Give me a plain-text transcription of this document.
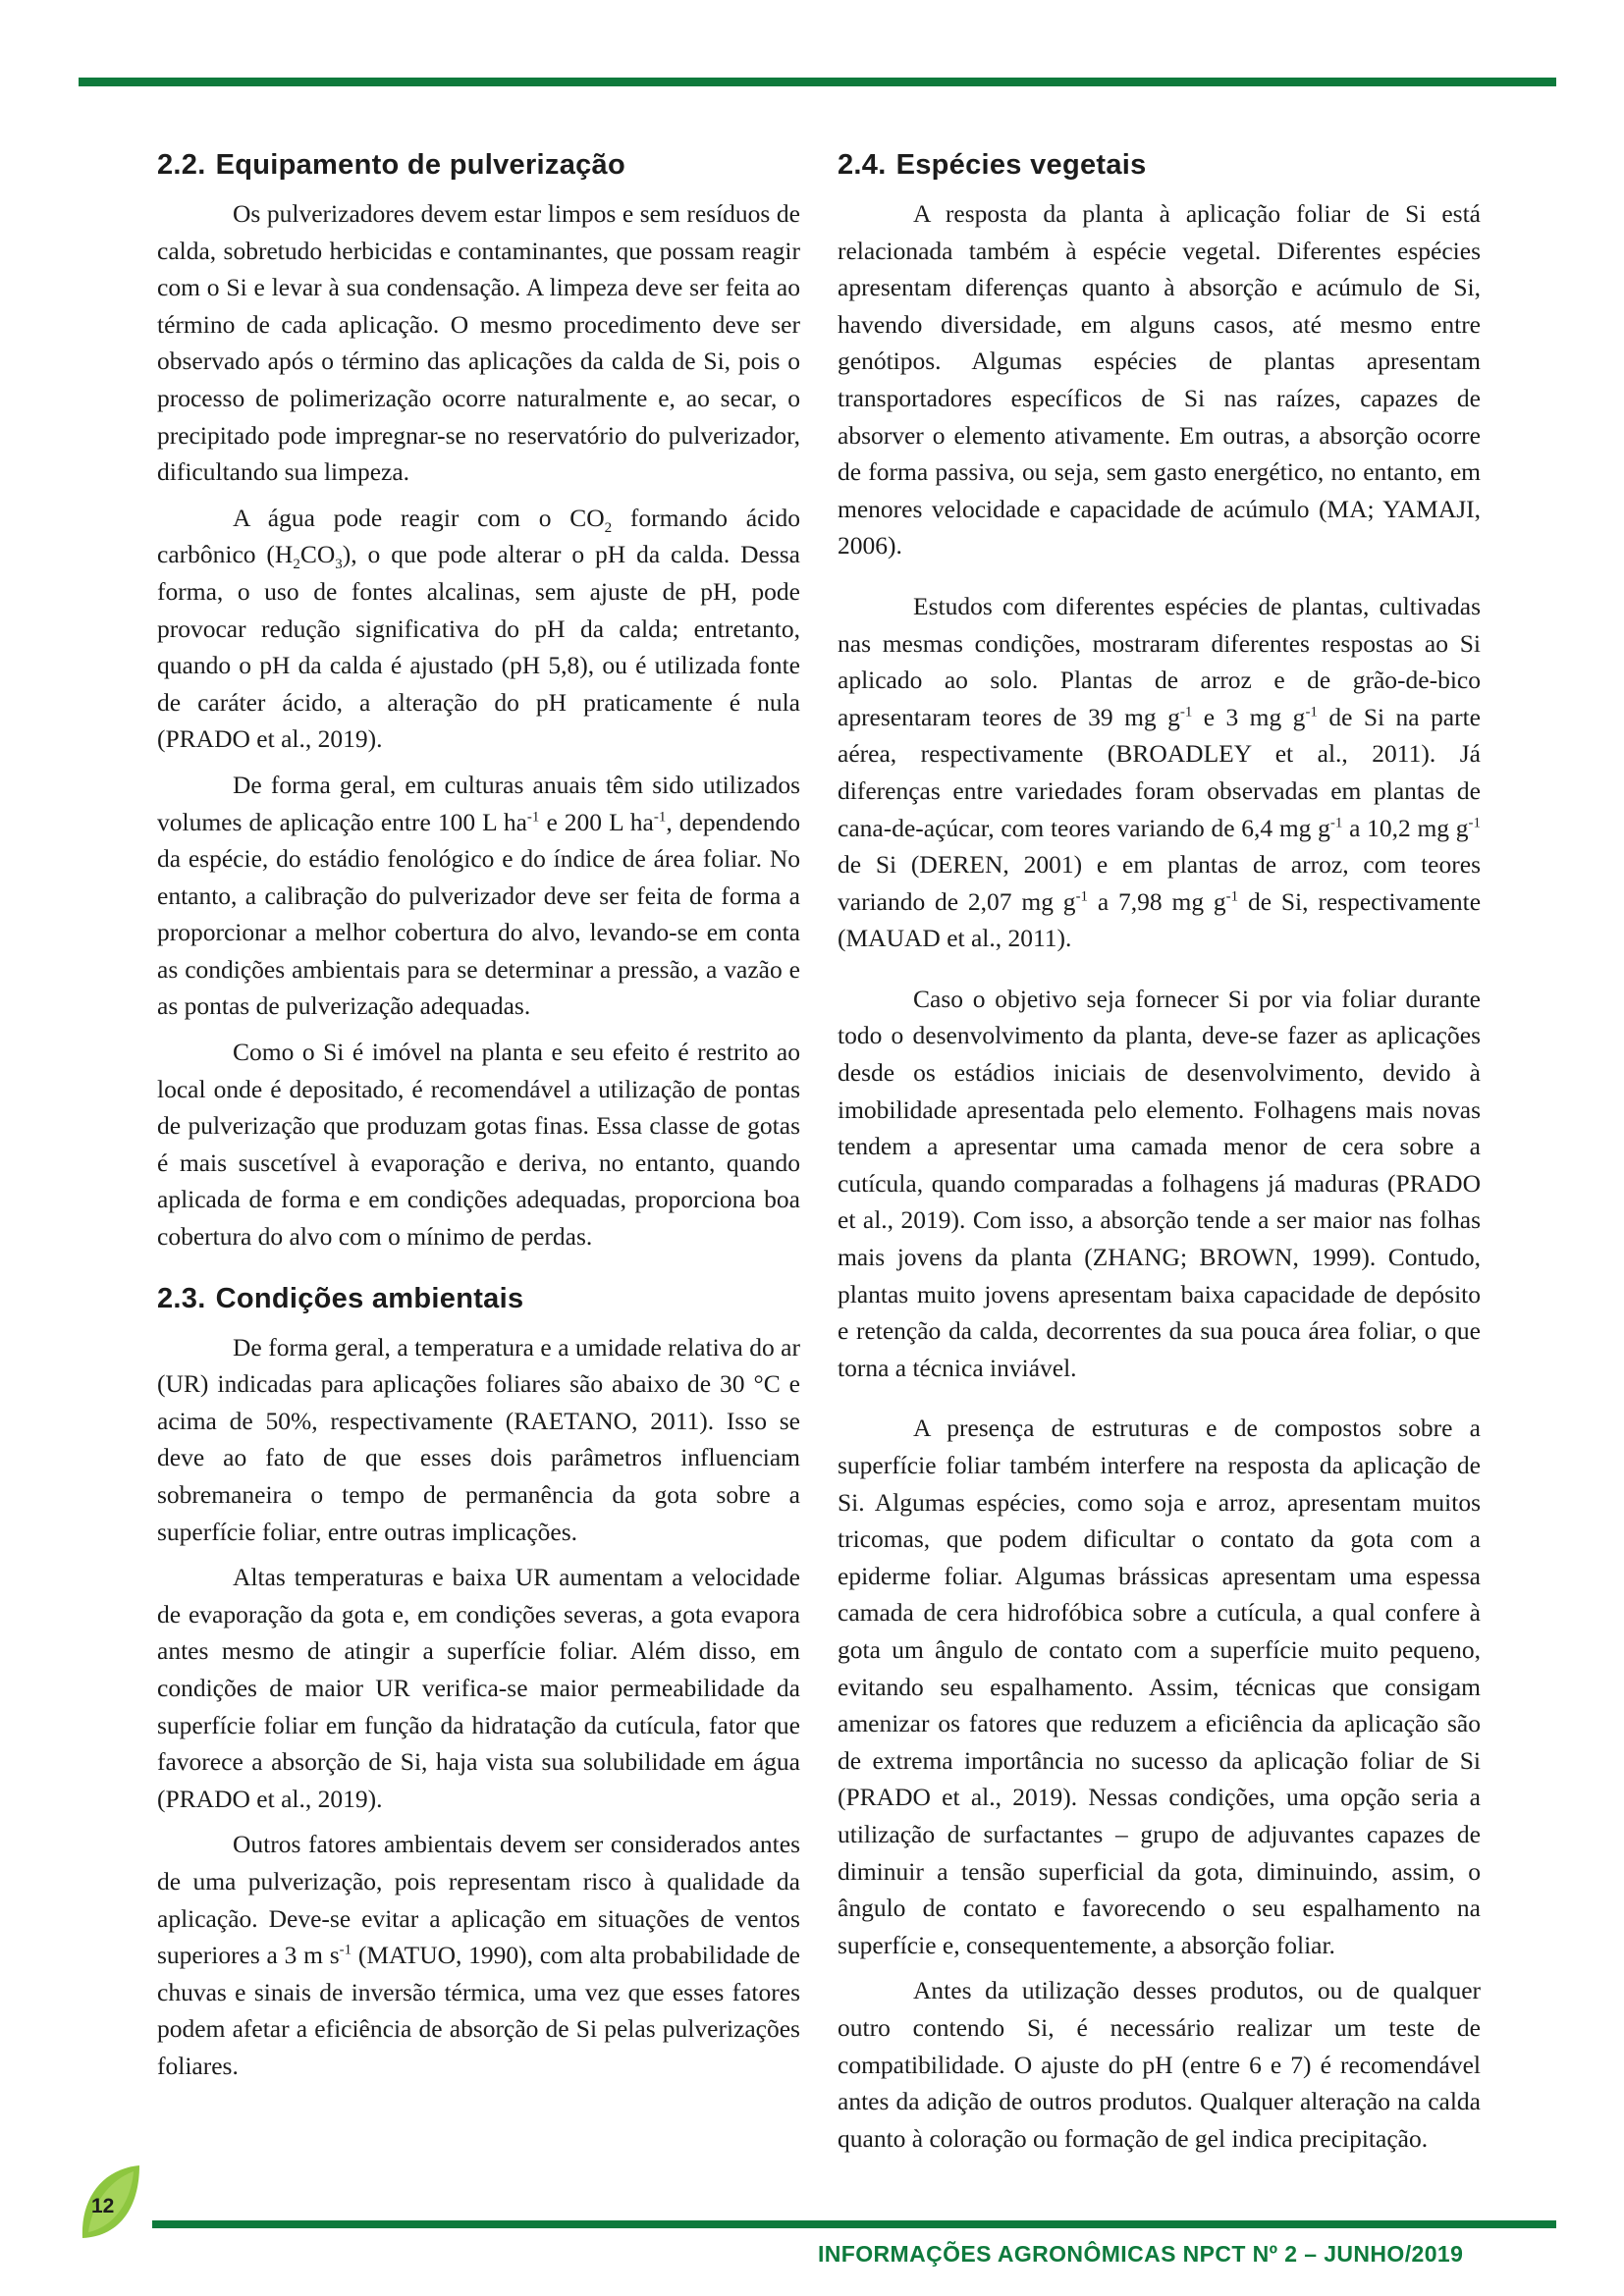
2.2. Equipamento de pulverização

Os pulverizadores devem estar limpos e sem resíduos de calda, sobretudo herbicidas e contaminantes, que possam reagir com o Si e levar à sua condensação. A limpeza deve ser feita ao término de cada aplicação. O mesmo procedimento deve ser observado após o término das aplicações da calda de Si, pois o processo de polimerização ocorre naturalmente e, ao secar, o precipitado pode impregnar-se no reservatório do pulverizador, dificultando sua limpeza.

A água pode reagir com o $CO_2$ formando ácido carbônico $(H_2CO_3)$, o que pode alterar o pH da calda. Dessa forma, o uso de fontes alcalinas, sem ajuste de pH, pode provocar redução significativa do pH da calda; entretanto, quando o pH da calda é ajustado (pH 5,8), ou é utilizada fonte de caráter ácido, a alteração do pH praticamente é nula (PRADO et al., 2019).

De forma geral, em culturas anuais têm sido utilizados volumes de aplicação entre 100 L $ha^{-1}$ e 200 L $ha^{-1}$, dependendo da espécie, do estádio fenológico e do índice de área foliar. No entanto, a calibração do pulverizador deve ser feita de forma a proporcionar a melhor cobertura do alvo, levando-se em conta as condições ambientais para se determinar a pressão, a vazão e as pontas de pulverização adequadas.

Como o Si é imóvel na planta e seu efeito é restrito ao local onde é depositado, é recomendável a utilização de pontas de pulverização que produzam gotas finas. Essa classe de gotas é mais suscetível à evaporação e deriva, no entanto, quando aplicada de forma e em condições adequadas, proporciona boa cobertura do alvo com o mínimo de perdas.

2.3. Condições ambientais

De forma geral, a temperatura e a umidade relativa do ar (UR) indicadas para aplicações foliares são abaixo de 30 °C e acima de 50%, respectivamente (RAETANO, 2011). Isso se deve ao fato de que esses dois parâmetros influenciam sobremaneira o tempo de permanência da gota sobre a superfície foliar, entre outras implicações.

Altas temperaturas e baixa UR aumentam a velocidade de evaporação da gota e, em condições severas, a gota evapora antes mesmo de atingir a superfície foliar. Além disso, em condições de maior UR verifica-se maior permeabilidade da superfície foliar em função da hidratação da cutícula, fator que favorece a absorção de Si, haja vista sua solubilidade em água (PRADO et al., 2019).

Outros fatores ambientais devem ser considerados antes de uma pulverização, pois representam risco à qualidade da aplicação. Deve-se evitar a aplicação em situações de ventos superiores a 3 m $s^{-1}$ (MATUO, 1990), com alta probabilidade de chuvas e sinais de inversão térmica, uma vez que esses fatores podem afetar a eficiência de absorção de Si pelas pulverizações foliares.

2.4. Espécies vegetais

A resposta da planta à aplicação foliar de Si está relacionada também à espécie vegetal. Diferentes espécies apresentam diferenças quanto à absorção e acúmulo de Si, havendo diversidade, em alguns casos, até mesmo entre genótipos. Algumas espécies de plantas apresentam transportadores específicos de Si nas raízes, capazes de absorver o elemento ativamente. Em outras, a absorção ocorre de forma passiva, ou seja, sem gasto energético, no entanto, em menores velocidade e capacidade de acúmulo (MA; YAMAJI, 2006).

Estudos com diferentes espécies de plantas, cultivadas nas mesmas condições, mostraram diferentes respostas ao Si aplicado ao solo. Plantas de arroz e de grão-de-bico apresentaram teores de 39 mg $g^{-1}$ e 3 mg $g^{-1}$ de Si na parte aérea, respectivamente (BROADLEY et al., 2011). Já diferenças entre variedades foram observadas em plantas de cana-de-açúcar, com teores variando de 6,4 mg $g^{-1}$ a 10,2 mg $g^{-1}$ de Si (DEREN, 2001) e em plantas de arroz, com teores variando de 2,07 mg $g^{-1}$ a 7,98 mg $g^{-1}$ de Si, respectivamente (MAUAD et al., 2011).

Caso o objetivo seja fornecer Si por via foliar durante todo o desenvolvimento da planta, deve-se fazer as aplicações desde os estádios iniciais de desenvolvimento, devido à imobilidade apresentada pelo elemento. Folhagens mais novas tendem a apresentar uma camada menor de cera sobre a cutícula, quando comparadas a folhagens já maduras (PRADO et al., 2019). Com isso, a absorção tende a ser maior nas folhas mais jovens da planta (ZHANG; BROWN, 1999). Contudo, plantas muito jovens apresentam baixa capacidade de depósito e retenção da calda, decorrentes da sua pouca área foliar, o que torna a técnica inviável.

A presença de estruturas e de compostos sobre a superfície foliar também interfere na resposta da aplicação de Si. Algumas espécies, como soja e arroz, apresentam muitos tricomas, que podem dificultar o contato da gota com a epiderme foliar. Algumas brássicas apresentam uma espessa camada de cera hidrofóbica sobre a cutícula, a qual confere à gota um ângulo de contato com a superfície muito pequeno, evitando seu espalhamento. Assim, técnicas que consigam amenizar os fatores que reduzem a eficiência da aplicação são de extrema importância no sucesso da aplicação foliar de Si (PRADO et al., 2019). Nessas condições, uma opção seria a utilização de surfactantes – grupo de adjuvantes capazes de diminuir a tensão superficial da gota, diminuindo, assim, o ângulo de contato e favorecendo o seu espalhamento na superfície e, consequentemente, a absorção foliar.

Antes da utilização desses produtos, ou de qualquer outro contendo Si, é necessário realizar um teste de compatibilidade. O ajuste do pH (entre 6 e 7) é recomendável antes da adição de outros produtos. Qualquer alteração na calda quanto à coloração ou formação de gel indica precipitação.

12
INFORMAÇÕES AGRONÔMICAS NPCT Nº 2 – JUNHO/2019
